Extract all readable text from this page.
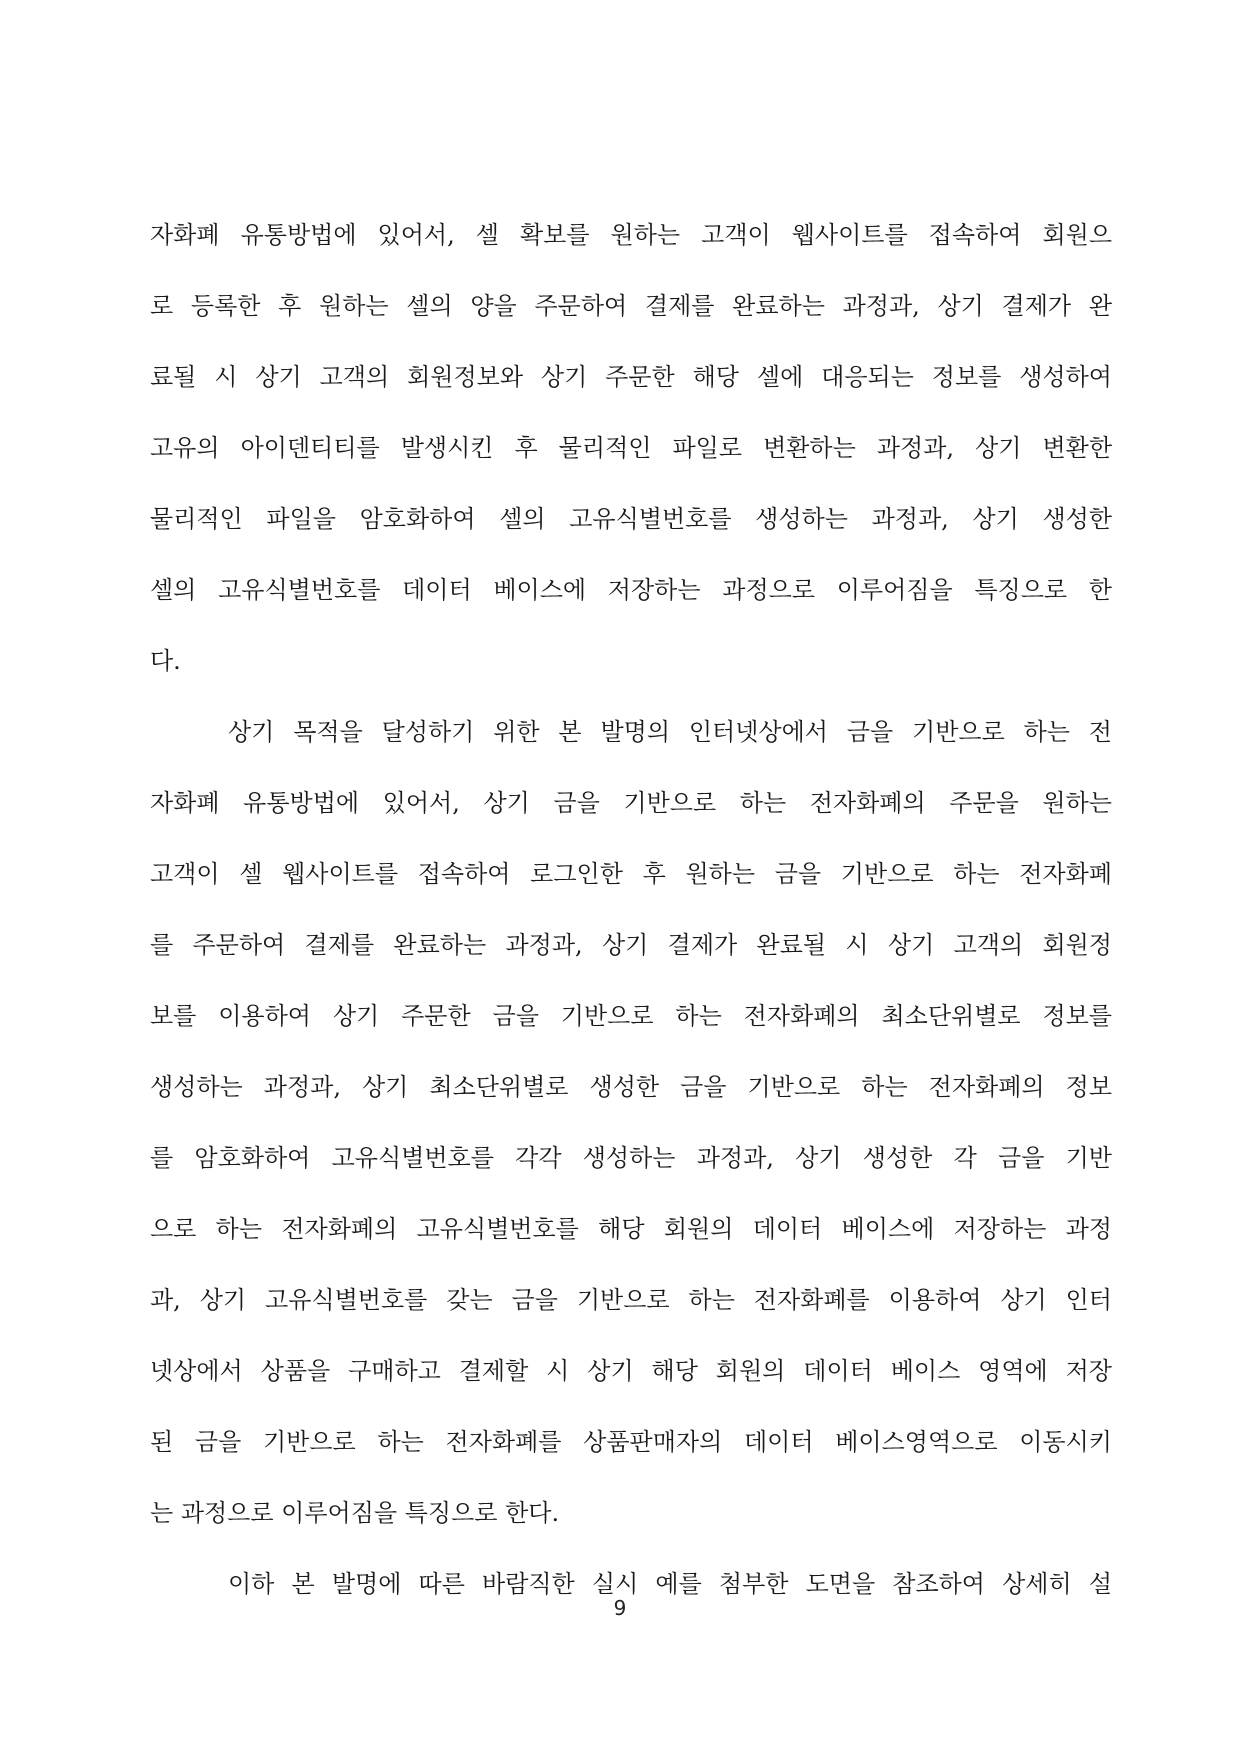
자화폐 유통방법에 있어서, 셀 확보를 원하는 고객이 웹사이트를 접속하여 회원으
로 등록한 후 원하는 셀의 양을 주문하여 결제를 완료하는 과정과, 상기 결제가 완
료될 시 상기 고객의 회원정보와 상기 주문한 해당 셀에 대응되는 정보를 생성하여
고유의 아이덴티티를 발생시킨 후 물리적인 파일로 변환하는 과정과, 상기 변환한
물리적인 파일을 암호화하여 셀의 고유식별번호를 생성하는 과정과, 상기 생성한
셀의 고유식별번호를 데이터 베이스에 저장하는 과정으로 이루어짐을 특징으로 한
다.
상기 목적을 달성하기 위한 본 발명의 인터넷상에서 금을 기반으로 하는 전
자화폐 유통방법에 있어서, 상기 금을 기반으로 하는 전자화폐의 주문을 원하는
고객이 셀 웹사이트를 접속하여 로그인한 후 원하는 금을 기반으로 하는 전자화폐
를 주문하여 결제를 완료하는 과정과, 상기 결제가 완료될 시 상기 고객의 회원정
보를 이용하여 상기 주문한 금을 기반으로 하는 전자화폐의 최소단위별로 정보를
생성하는 과정과, 상기 최소단위별로 생성한 금을 기반으로 하는 전자화폐의 정보
를 암호화하여 고유식별번호를 각각 생성하는 과정과, 상기 생성한 각 금을 기반
으로 하는 전자화폐의 고유식별번호를 해당 회원의 데이터 베이스에 저장하는 과정
과, 상기 고유식별번호를 갖는 금을 기반으로 하는 전자화폐를 이용하여 상기 인터
넷상에서 상품을 구매하고 결제할 시 상기 해당 회원의 데이터 베이스 영역에 저장
된 금을 기반으로 하는 전자화폐를 상품판매자의 데이터 베이스영역으로 이동시키
는 과정으로 이루어짐을 특징으로 한다.
이하 본 발명에 따른 바람직한 실시 예를 첨부한 도면을 참조하여 상세히 설
9
